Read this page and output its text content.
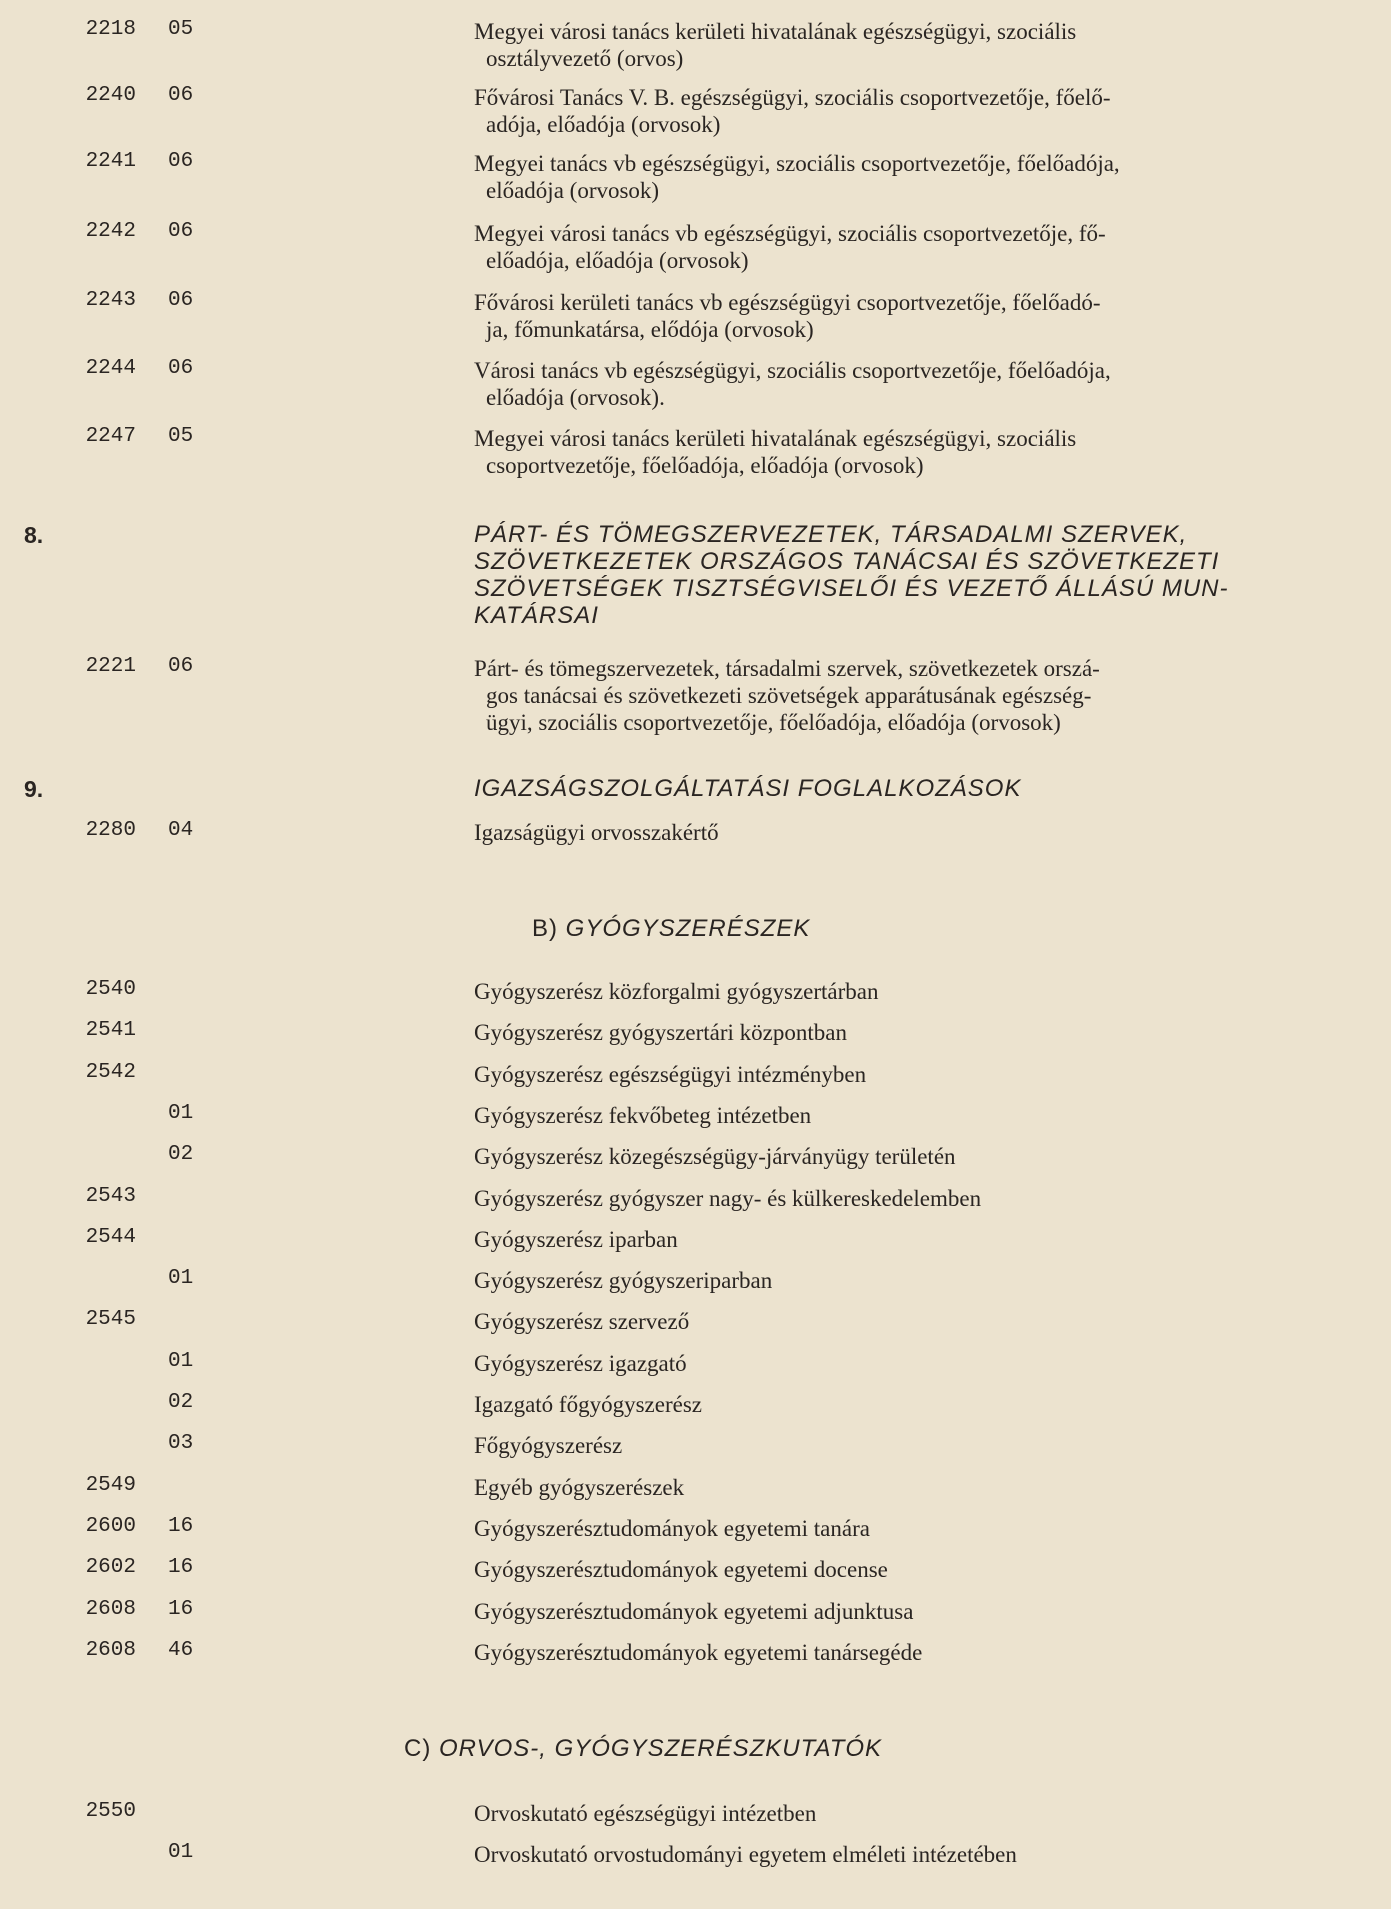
2218 05	Megyei városi tanács kerületi hivatalának egészségügyi, szociális
osztályvezető (orvos)
2240 06	Fővárosi Tanács V. B. egészségügyi, szociális csoportvezetője, főelő-
adója, előadója (orvosok)
2241 06	Megyei tanács vb egészségügyi, szociális csoportvezetője, főelőadója,
előadója (orvosok)
2242 06	Megyei városi tanács vb egészségügyi, szociális csoportvezetője, fő-
előadója, előadója (orvosok)
2243 06	Fővárosi kerületi tanács vb egészségügyi csoportvezetője, főelőadó-
ja, főmunkatársa, elődója (orvosok)
2244 06	Városi tanács vb egészségügyi, szociális csoportvezetője, főelőadója,
előadója (orvosok).
2247 05	Megyei városi tanács kerületi hivatalának egészségügyi, szociális
csoportvezetője, főelőadója, előadója (orvosok)
8.	PÁRT- ÉS TÖMEGSZERVEZETEK, TÁRSADALMI SZERVEK,
SZÖVETKEZETEK ORSZÁGOS TANÁCSAI ÉS SZÖVETKEZETI
SZÖVETSÉGEK TISZTSÉGVISELŐI ÉS VEZETŐ ÁLLÁSÚ MUN-
KATÁRSAI
2221 06	Párt- és tömegszervezetek, társadalmi szervek, szövetkezetek orszá-
gos tanácsai és szövetkezeti szövetségek apparátusának egészség-
ügyi, szociális csoportvezetője, főelőadója, előadója (orvosok)
9.	IGAZSÁGSZOLGÁLTATÁSI FOGLALKOZÁSOK
2280 04	Igazságügyi orvosszakértő
B) GYÓGYSZERÉSZEK
2540	Gyógyszerész közforgalmi gyógyszertárban
2541	Gyógyszerész gyógyszertári központban
2542	Gyógyszerész egészségügyi intézményben
01	Gyógyszerész fekvőbeteg intézetben
02	Gyógyszerész közegészségügy-járványügy területén
2543	Gyógyszerész gyógyszer nagy- és külkereskedelemben
2544	Gyógyszerész iparban
01	Gyógyszerész gyógyszeriparban
2545	Gyógyszerész szervező
01	Gyógyszerész igazgató
02	Igazgató főgyógyszerész
03	Főgyógyszerész
2549	Egyéb gyógyszerészek
2600 16	Gyógyszerésztudományok egyetemi tanára
2602 16	Gyógyszerésztudományok egyetemi docense
2608 16	Gyógyszerésztudományok egyetemi adjunktusa
2608 46	Gyógyszerésztudományok egyetemi tanársegéde
C) ORVOS-, GYÓGYSZERÉSZKUTATÓK
2550	Orvoskutató egészségügyi intézetben
01	Orvoskutató orvostudományi egyetem elméleti intézetében
